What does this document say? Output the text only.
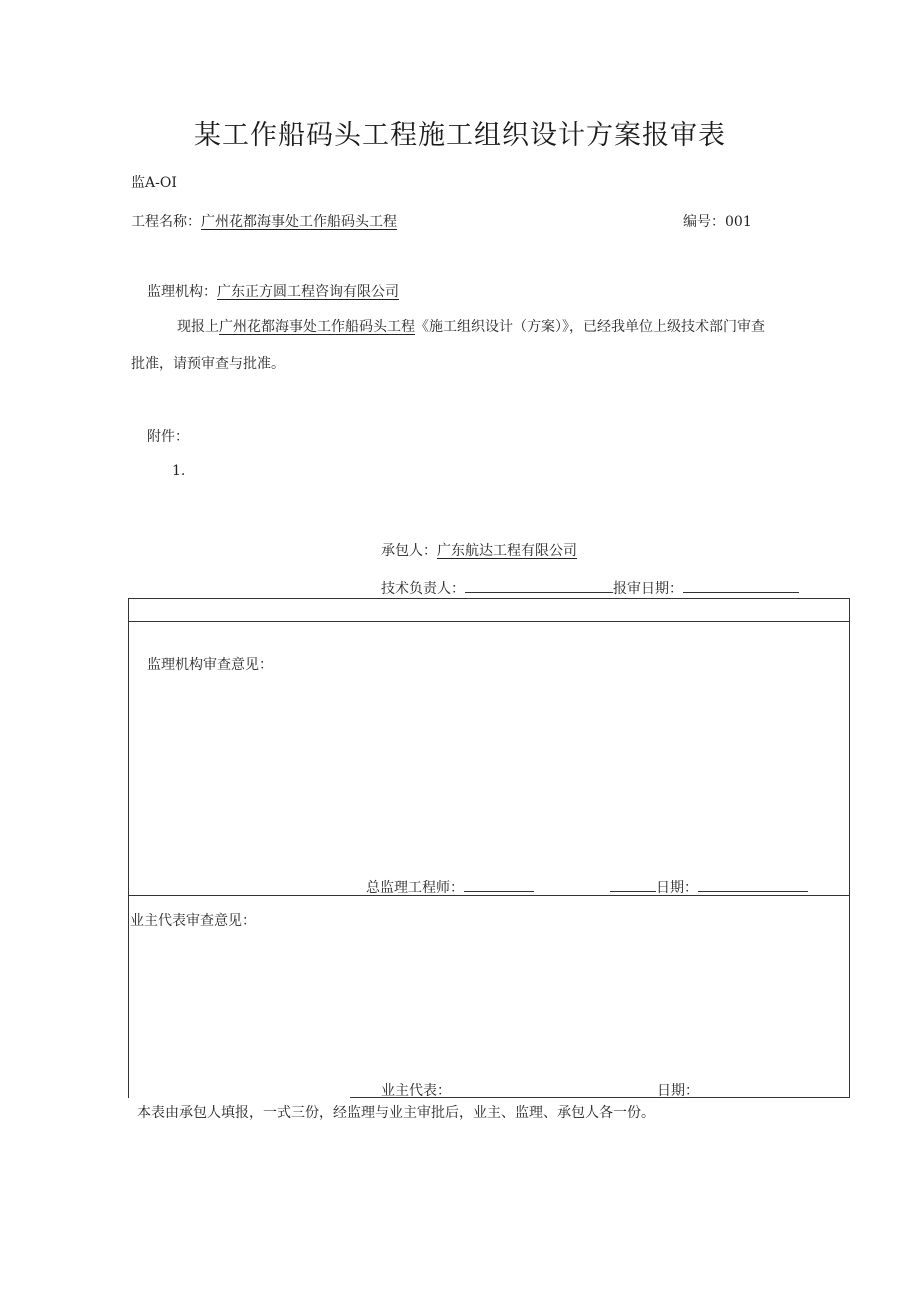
某工作船码头工程施工组织设计方案报审表
监A-OI
工程名称：广州花都海事处工作船码头工程	编号：001
监理机构：广东正方圆工程咨询有限公司
现报上广州花都海事处工作船码头工程《施工组织设计（方案）》，已经我单位上级技术部门审查
批准，请预审查与批准。
附件：
1.
承包人：广东航达工程有限公司
技术负责人：	报审日期：
监理机构审查意见：
总监理工程师：	日期：
业主代表审查意见：
业主代表：	日期：
本表由承包人填报，一式三份，经监理与业主审批后，业主、监理、承包人各一份。
